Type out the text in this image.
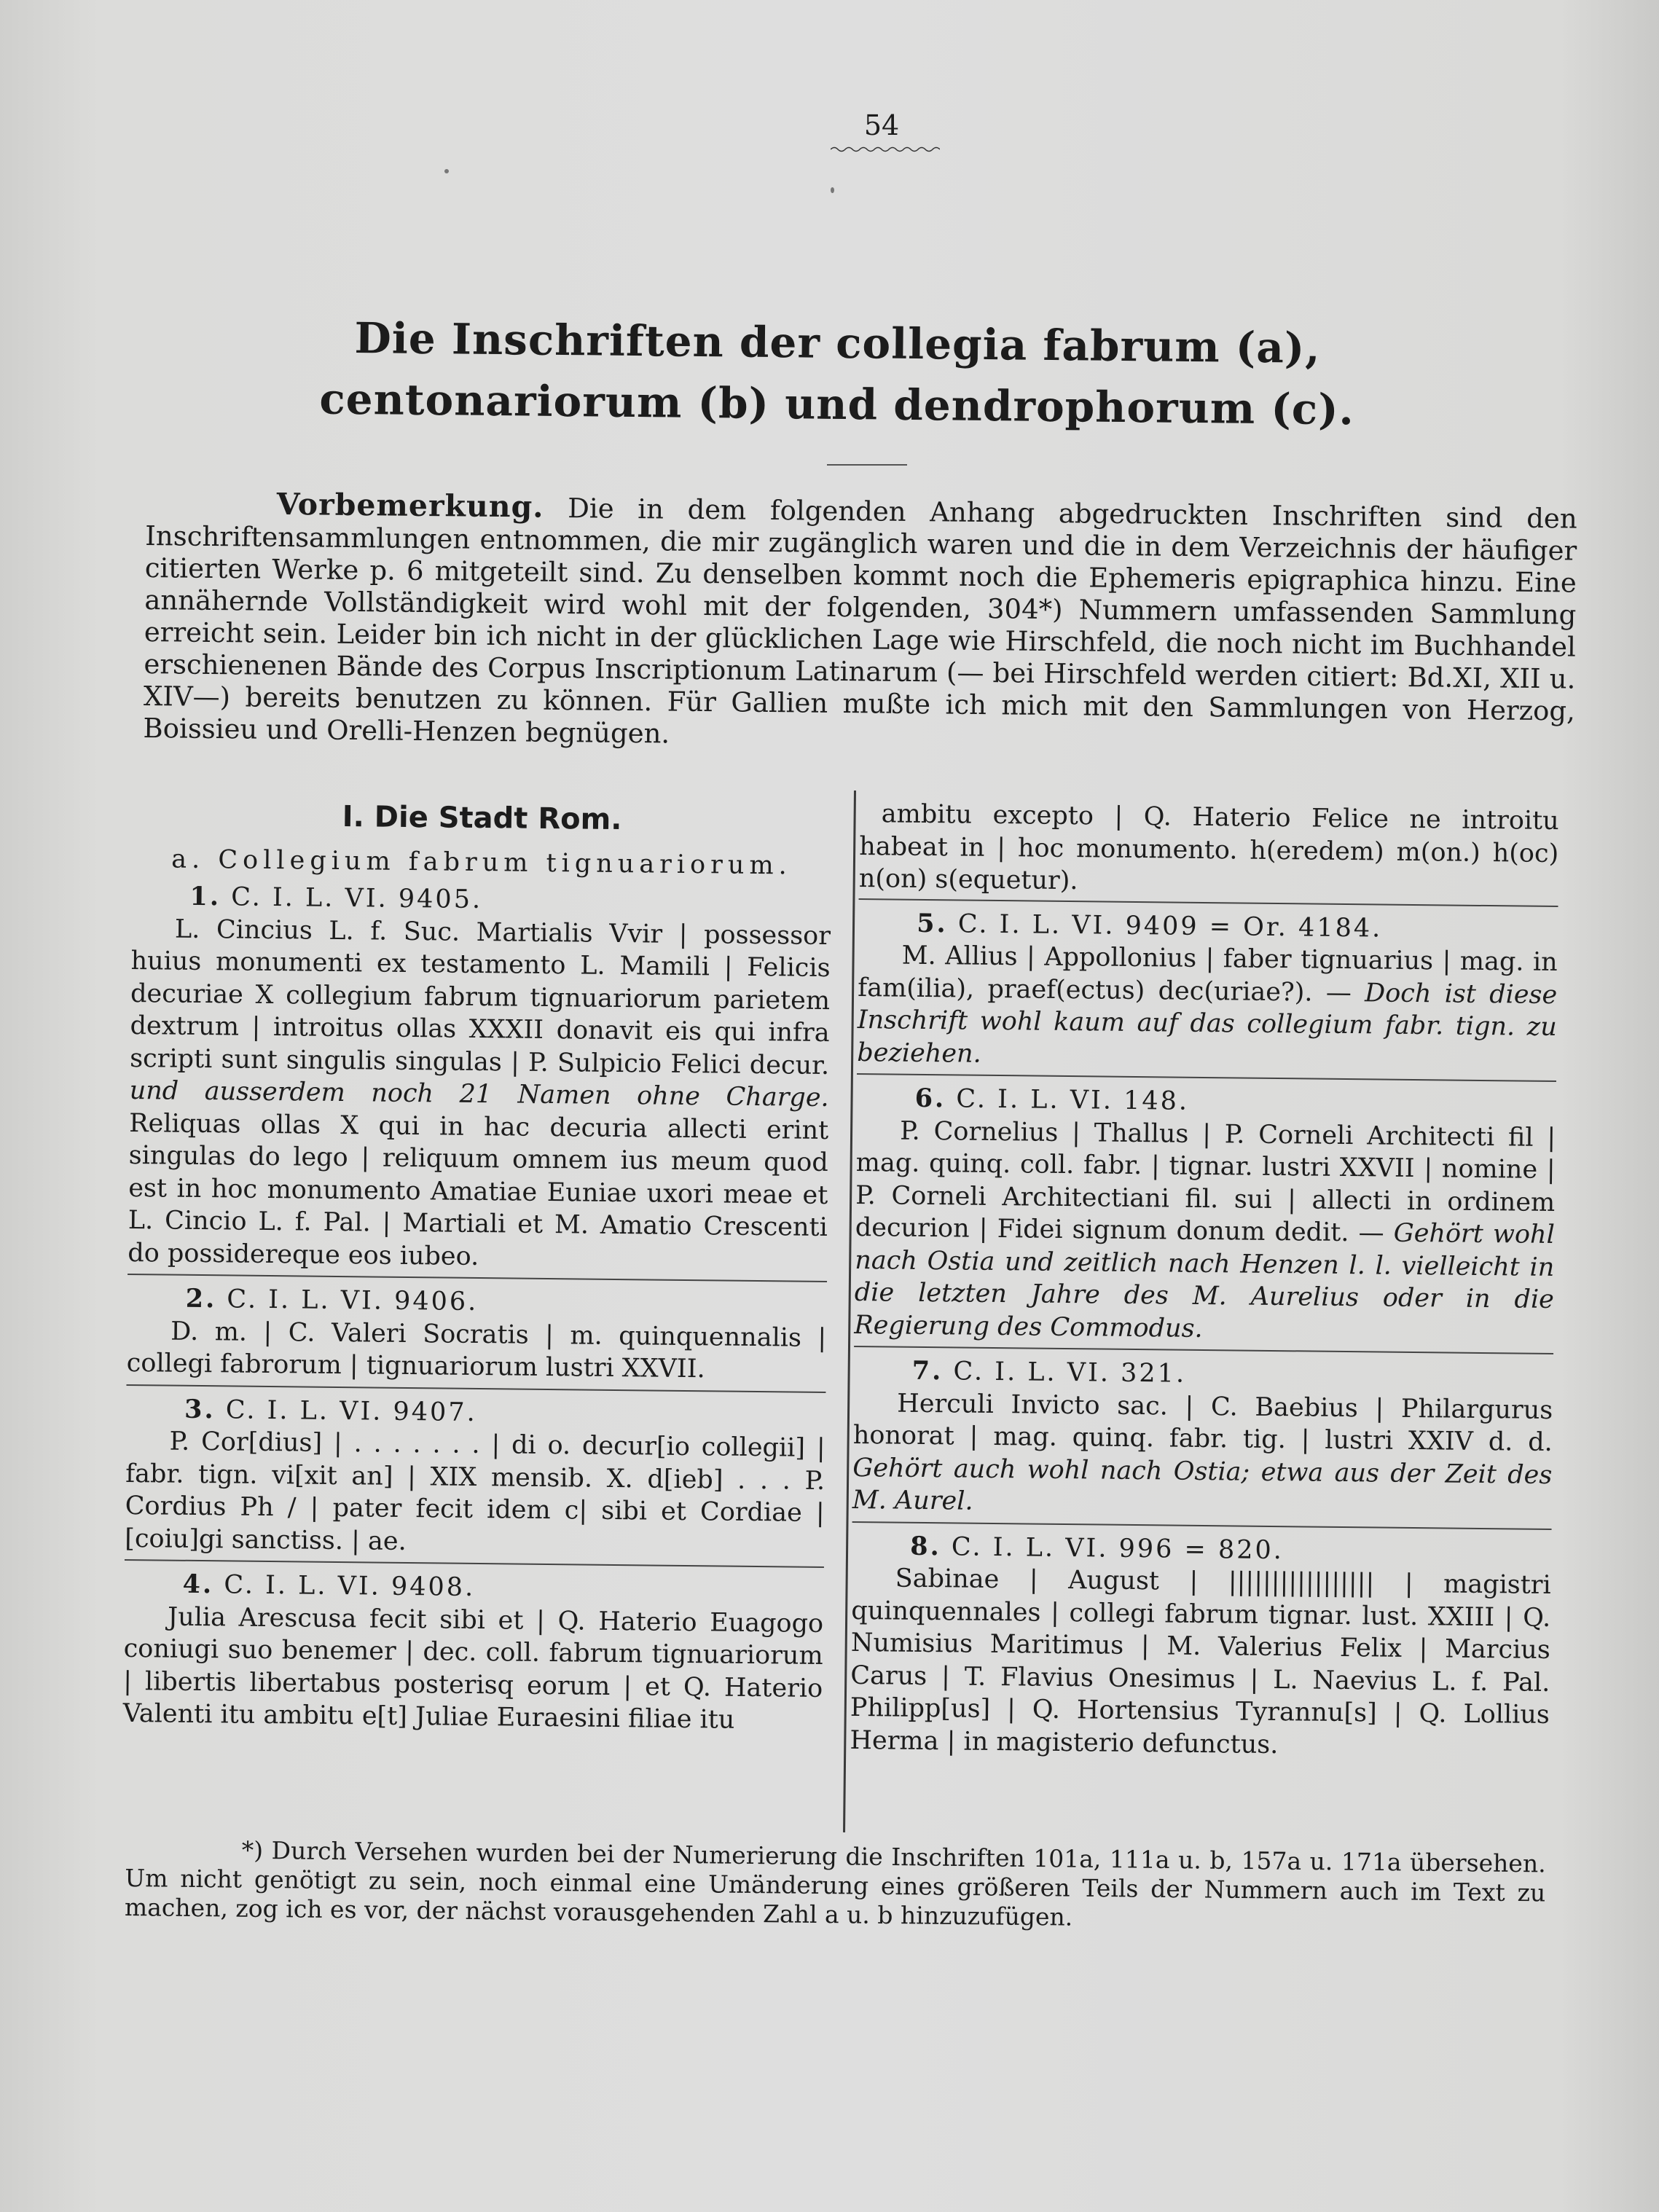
54
Die Inschriften der collegia fabrum (a), centonariorum (b) und dendrophorum (c).

Vorbemerkung. Die in dem folgenden Anhang abgedruckten Inschriften sind den Inschriftensammlungen entnommen, die mir zugänglich waren und die in dem Verzeichnis der häufiger citierten Werke p. 6 mitgeteilt sind. Zu denselben kommt noch die Ephemeris epigraphica hinzu. Eine annähernde Vollständigkeit wird wohl mit der folgenden, 304*) Nummern umfassenden Sammlung erreicht sein. Leider bin ich nicht in der glücklichen Lage wie Hirschfeld, die noch nicht im Buchhandel erschienenen Bände des Corpus Inscriptionum Latinarum (— bei Hirschfeld werden citiert: Bd.XI, XII u. XIV—) bereits benutzen zu können. Für Gallien mußte ich mich mit den Sammlungen von Herzog, Boissieu und Orelli-Henzen begnügen.

I. Die Stadt Rom.
a. Collegium fabrum tignuariorum.
1. C. I. L. VI. 9405.
L. Cincius L. f. Suc. Martialis Vvir | possessor huius monumenti ex testamento L. Mamili | Felicis decuriae X collegium fabrum tignuariorum parietem dextrum | introitus ollas XXXII donavit eis qui infra scripti sunt singulis singulas | P. Sulpicio Felici decur. und ausserdem noch 21 Namen ohne Charge. Reliquas ollas X qui in hac decuria allecti erint singulas do lego | reliquum omnem ius meum quod est in hoc monumento Amatiae Euniae uxori meae et L. Cincio L. f. Pal. | Martiali et M. Amatio Crescenti do possidereque eos iubeo.
2. C. I. L. VI. 9406.
D. m. | C. Valeri Socratis | m. quinquennalis | collegi fabrorum | tignuariorum lustri XXVII.
3. C. I. L. VI. 9407.
P. Cor[dius] | . . . . . . . | di o. decur[io collegii] | fabr. tign. vi[xit an] | XIX mensib. X. d[ieb] . . . P. Cordius Ph / | pater fecit idem c| sibi et Cordiae | [coiu]gi sanctiss. | ae.
4. C. I. L. VI. 9408.
Julia Arescusa fecit sibi et | Q. Haterio Euagogo coniugi suo benemer | dec. coll. fabrum tignuariorum | libertis libertabus posterisq eorum | et Q. Haterio Valenti itu ambitu e[t] Juliae Euraesini filiae itu
ambitu excepto | Q. Haterio Felice ne introitu habeat in | hoc monumento. h(eredem) m(on.) h(oc) n(on) s(equetur).
5. C. I. L. VI. 9409 = Or. 4184.
M. Allius | Appollonius | faber tignuarius | mag. in fam(ilia), praef(ectus) dec(uriae?). — Doch ist diese Inschrift wohl kaum auf das collegium fabr. tign. zu beziehen.
6. C. I. L. VI. 148.
P. Cornelius | Thallus | P. Corneli Architecti fil | mag. quinq. coll. fabr. | tignar. lustri XXVII | nomine | P. Corneli Architectiani fil. sui | allecti in ordinem decurion | Fidei signum donum dedit. — Gehört wohl nach Ostia und zeitlich nach Henzen l. l. vielleicht in die letzten Jahre des M. Aurelius oder in die Regierung des Commodus.
7. C. I. L. VI. 321.
Herculi Invicto sac. | C. Baebius | Philargurus honorat | mag. quinq. fabr. tig. | lustri XXIV d. d. Gehört auch wohl nach Ostia; etwa aus der Zeit des M. Aurel.
8. C. I. L. VI. 996 = 820.
Sabinae | August | ||||||||||||||||| | magistri quinquennales | collegi fabrum tignar. lust. XXIII | Q. Numisius Maritimus | M. Valerius Felix | Marcius Carus | T. Flavius Onesimus | L. Naevius L. f. Pal. Philipp[us] | Q. Hortensius Tyrannu[s] | Q. Lollius Herma | in magisterio defunctus.

*) Durch Versehen wurden bei der Numerierung die Inschriften 101a, 111a u. b, 157a u. 171a übersehen. Um nicht genötigt zu sein, noch einmal eine Umänderung eines größeren Teils der Nummern auch im Text zu machen, zog ich es vor, der nächst vorausgehenden Zahl a u. b hinzuzufügen.
